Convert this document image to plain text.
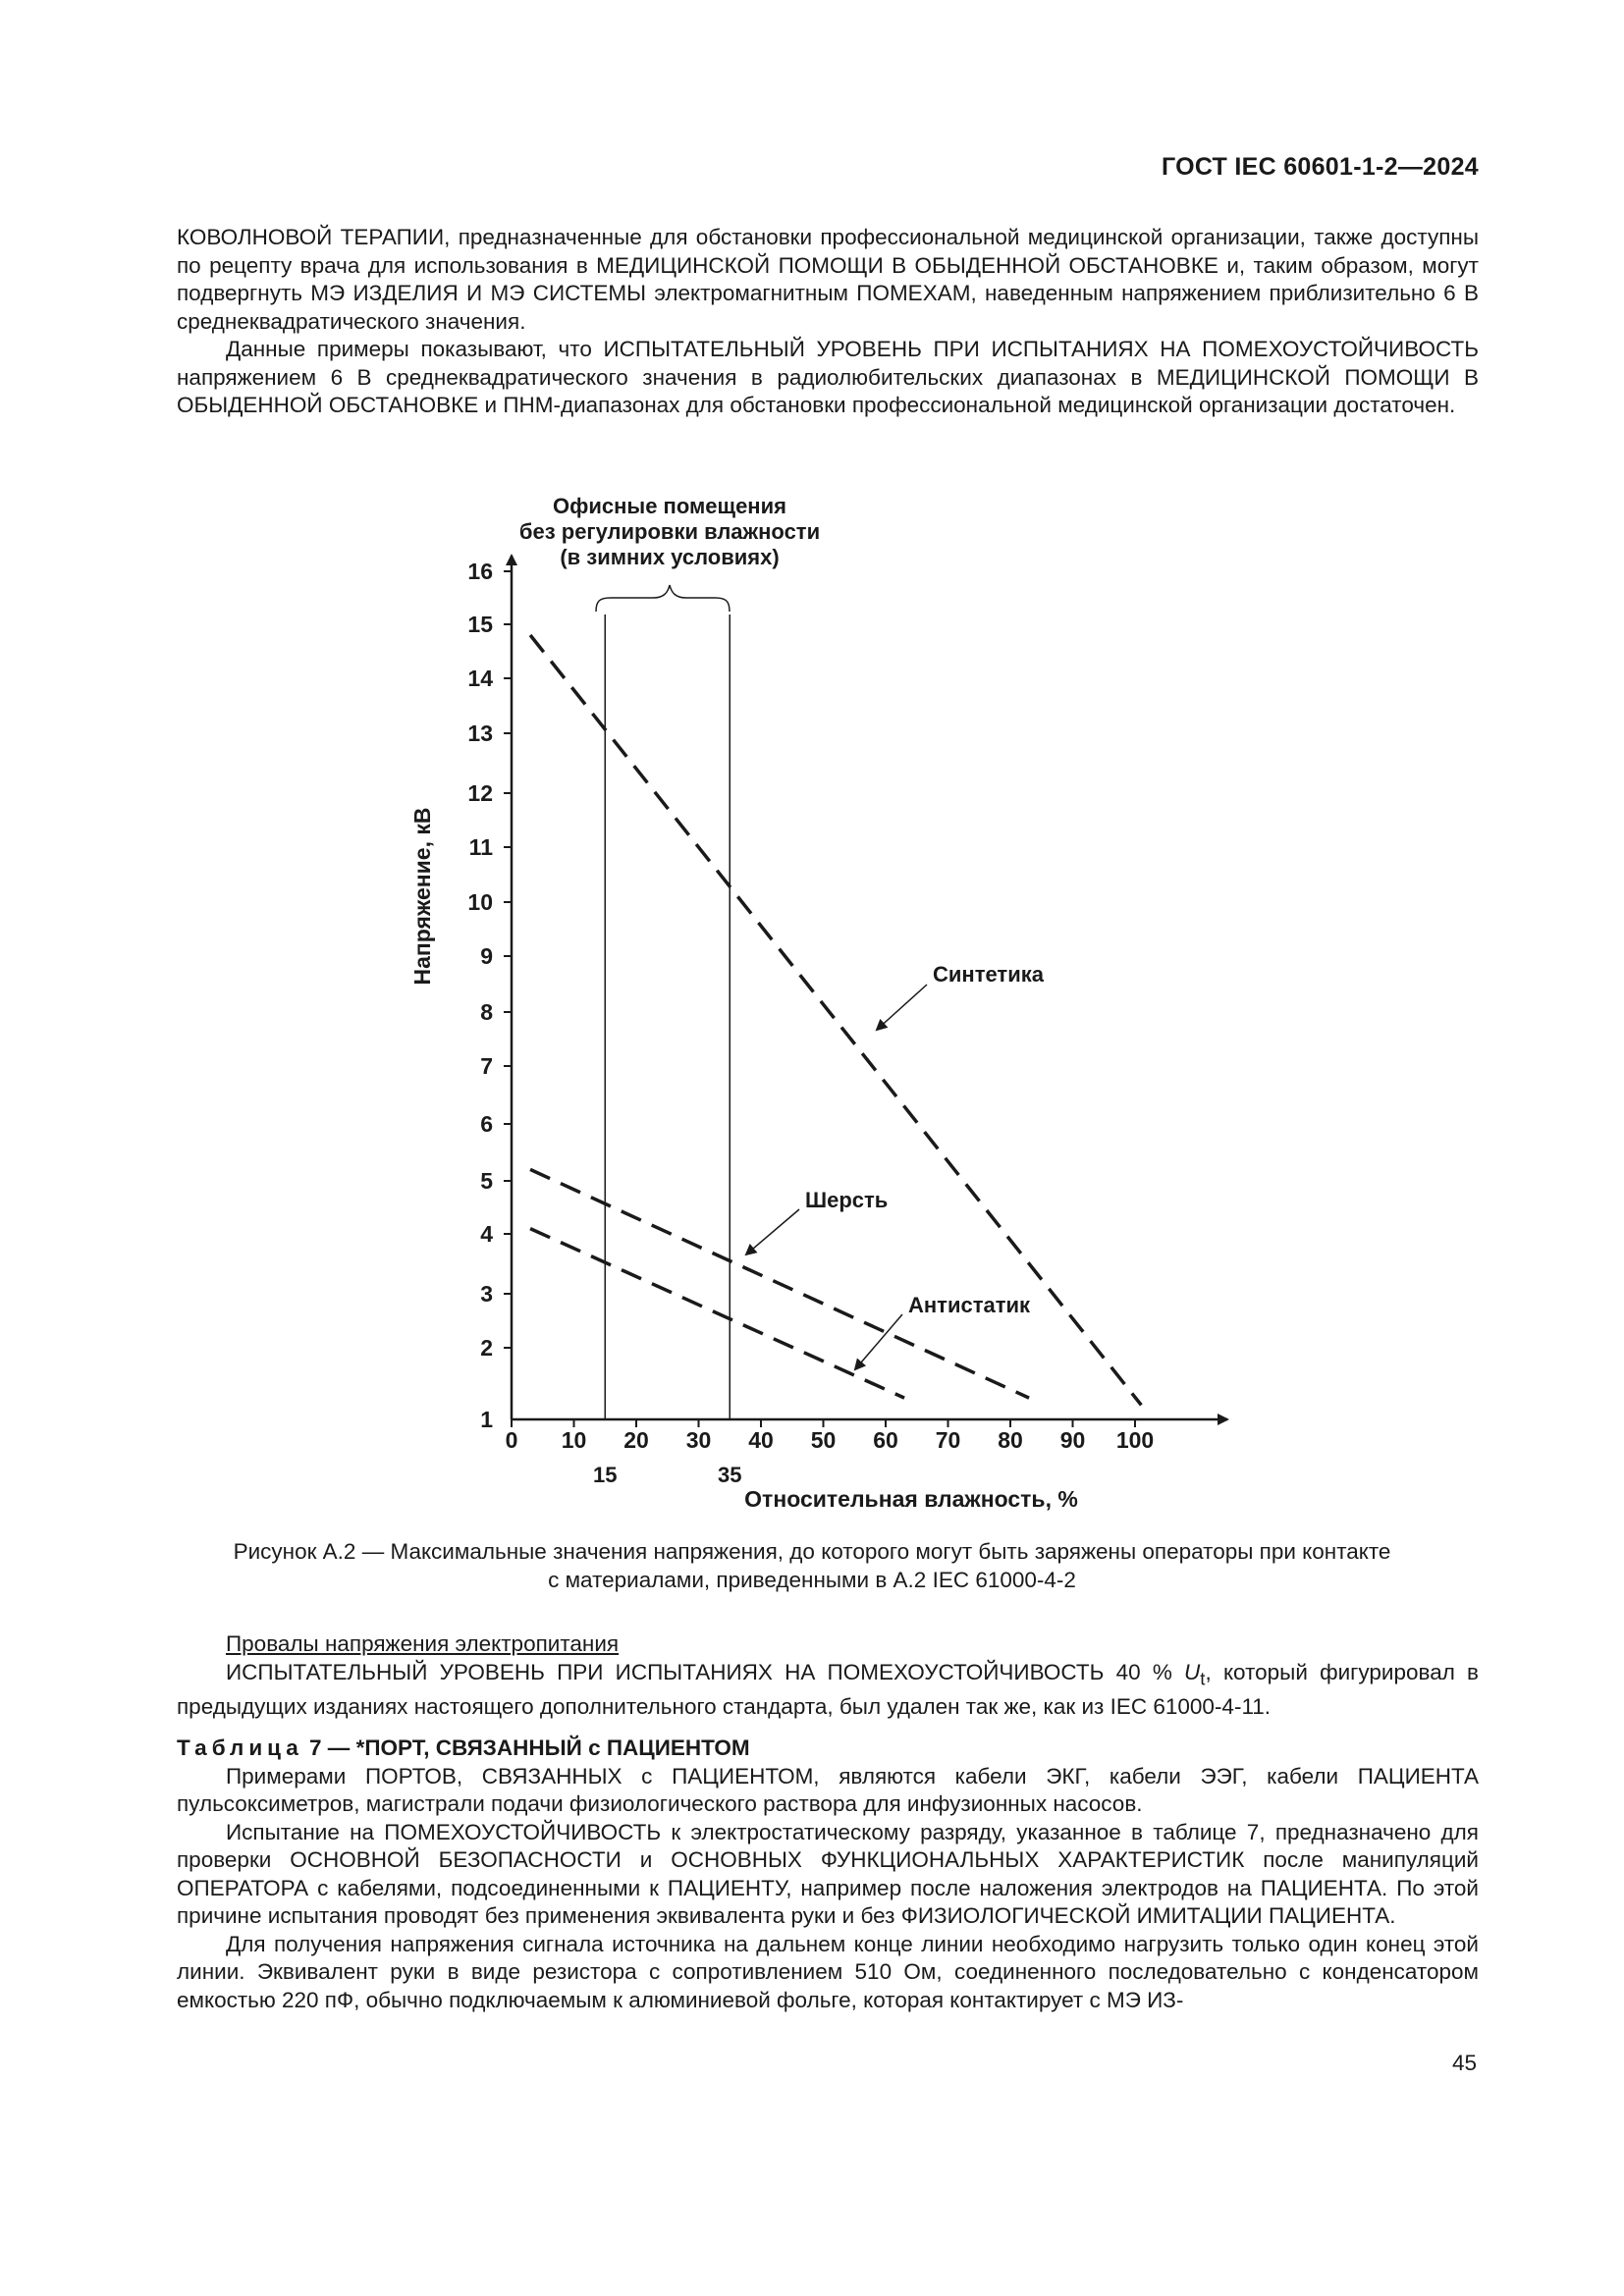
ГОСТ IEC 60601-1-2—2024

КОВОЛНОВОЙ ТЕРАПИИ, предназначенные для обстановки профессиональной медицинской организации, также доступны по рецепту врача для использования в МЕДИЦИНСКОЙ ПОМОЩИ В ОБЫДЕННОЙ ОБСТАНОВКЕ и, таким образом, могут подвергнуть МЭ ИЗДЕЛИЯ И МЭ СИСТЕМЫ электромагнитным ПОМЕХАМ, наведенным напряжением приблизительно 6 В среднеквадратического значения.

Данные примеры показывают, что ИСПЫТАТЕЛЬНЫЙ УРОВЕНЬ ПРИ ИСПЫТАНИЯХ НА ПОМЕХОУСТОЙЧИВОСТЬ напряжением 6 В среднеквадратического значения в радиолюбительских диапазонах в МЕДИЦИНСКОЙ ПОМОЩИ В ОБЫДЕННОЙ ОБСТАНОВКЕ и ПНМ-диапазонах для обстановки профессиональной медицинской организации достаточен.

Офисные помещения
без регулировки влажности
(в зимних условиях)
15	35
1
2
3
4
5
6
7
8
9
10
11
12
13
14
15
16
0 10 20 30 40 50 60 70 80 90 100
Синтетика
Шерсть
Антистатик
Относительная влажность, %
Напряжение, кВ
Рисунок А.2 — Максимальные значения напряжения, до которого могут быть заряжены операторы при контакте
с материалами, приведенными в А.2 IEC 61000-4-2

Провалы напряжения электропитания

ИСПЫТАТЕЛЬНЫЙ УРОВЕНЬ ПРИ ИСПЫТАНИЯХ НА ПОМЕХОУСТОЙЧИВОСТЬ 40 % $U_t$, который фигурировал в предыдущих изданиях настоящего дополнительного стандарта, был удален так же, как из IEC 61000-4-11.

Таблица 7 — *ПОРТ, СВЯЗАННЫЙ с ПАЦИЕНТОМ

Примерами ПОРТОВ, СВЯЗАННЫХ с ПАЦИЕНТОМ, являются кабели ЭКГ, кабели ЭЭГ, кабели ПАЦИЕНТА пульсоксиметров, магистрали подачи физиологического раствора для инфузионных насосов.

Испытание на ПОМЕХОУСТОЙЧИВОСТЬ к электростатическому разряду, указанное в таблице 7, предназначено для проверки ОСНОВНОЙ БЕЗОПАСНОСТИ и ОСНОВНЫХ ФУНКЦИОНАЛЬНЫХ ХАРАКТЕРИСТИК после манипуляций ОПЕРАТОРА с кабелями, подсоединенными к ПАЦИЕНТУ, например после наложения электродов на ПАЦИЕНТА. По этой причине испытания проводят без применения эквивалента руки и без ФИЗИОЛОГИЧЕСКОЙ ИМИТАЦИИ ПАЦИЕНТА.

Для получения напряжения сигнала источника на дальнем конце линии необходимо нагрузить только один конец этой линии. Эквивалент руки в виде резистора с сопротивлением 510 Ом, соединенного последовательно с конденсатором емкостью 220 пФ, обычно подключаемым к алюминиевой фольге, которая контактирует с МЭ ИЗ-

45
